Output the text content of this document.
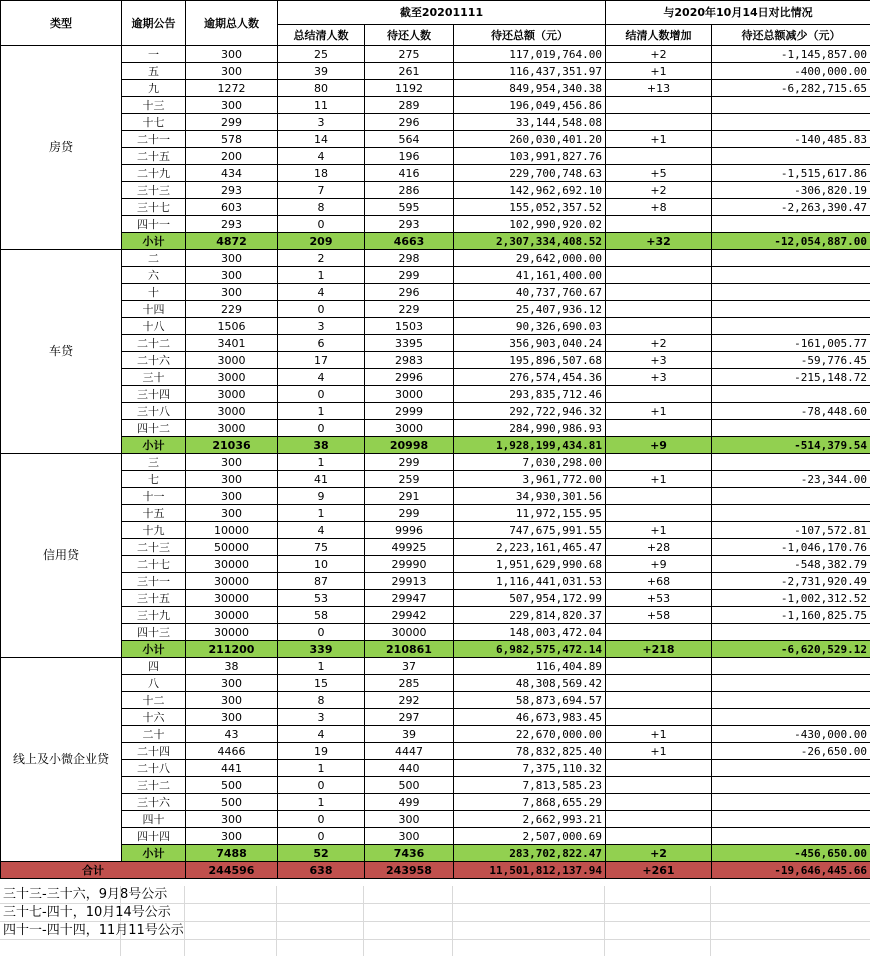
类型	逾期公告	逾期总人数	截至20201111			与2020年10月14日对比情况	
			总结清人数	待还人数	待还总额（元）	结清人数增加	待还总额减少（元）
房贷	一	300	25	275	117,019,764.00	+2	-1,145,857.00
	五	300	39	261	116,437,351.97	+1	-400,000.00
	九	1272	80	1192	849,954,340.38	+13	-6,282,715.65
	十三	300	11	289	196,049,456.86		
	十七	299	3	296	33,144,548.08		
	二十一	578	14	564	260,030,401.20	+1	-140,485.83
	二十五	200	4	196	103,991,827.76		
	二十九	434	18	416	229,700,748.63	+5	-1,515,617.86
	三十三	293	7	286	142,962,692.10	+2	-306,820.19
	三十七	603	8	595	155,052,357.52	+8	-2,263,390.47
	四十一	293	0	293	102,990,920.02		
	小计	4872	209	4663	2,307,334,408.52	+32	-12,054,887.00
车贷	二	300	2	298	29,642,000.00		
	六	300	1	299	41,161,400.00		
	十	300	4	296	40,737,760.67		
	十四	229	0	229	25,407,936.12		
	十八	1506	3	1503	90,326,690.03		
	二十二	3401	6	3395	356,903,040.24	+2	-161,005.77
	二十六	3000	17	2983	195,896,507.68	+3	-59,776.45
	三十	3000	4	2996	276,574,454.36	+3	-215,148.72
	三十四	3000	0	3000	293,835,712.46		
	三十八	3000	1	2999	292,722,946.32	+1	-78,448.60
	四十二	3000	0	3000	284,990,986.93		
	小计	21036	38	20998	1,928,199,434.81	+9	-514,379.54
信用贷	三	300	1	299	7,030,298.00		
	七	300	41	259	3,961,772.00	+1	-23,344.00
	十一	300	9	291	34,930,301.56		
	十五	300	1	299	11,972,155.95		
	十九	10000	4	9996	747,675,991.55	+1	-107,572.81
	二十三	50000	75	49925	2,223,161,465.47	+28	-1,046,170.76
	二十七	30000	10	29990	1,951,629,990.68	+9	-548,382.79
	三十一	30000	87	29913	1,116,441,031.53	+68	-2,731,920.49
	三十五	30000	53	29947	507,954,172.99	+53	-1,002,312.52
	三十九	30000	58	29942	229,814,820.37	+58	-1,160,825.75
	四十三	30000	0	30000	148,003,472.04		
	小计	211200	339	210861	6,982,575,472.14	+218	-6,620,529.12
线上及小微企业贷	四	38	1	37	116,404.89		
	八	300	15	285	48,308,569.42		
	十二	300	8	292	58,873,694.57		
	十六	300	3	297	46,673,983.45		
	二十	43	4	39	22,670,000.00	+1	-430,000.00
	二十四	4466	19	4447	78,832,825.40	+1	-26,650.00
	二十八	441	1	440	7,375,110.32		
	三十二	500	0	500	7,813,585.23		
	三十六	500	1	499	7,868,655.29		
	四十	300	0	300	2,662,993.21		
	四十四	300	0	300	2,507,000.69		
	小计	7488	52	7436	283,702,822.47	+2	-456,650.00
合计		244596	638	243958	11,501,812,137.94	+261	-19,646,445.66
三十三-三十六，9月8号公示
三十七-四十，10月14号公示
四十一-四十四，11月11号公示
